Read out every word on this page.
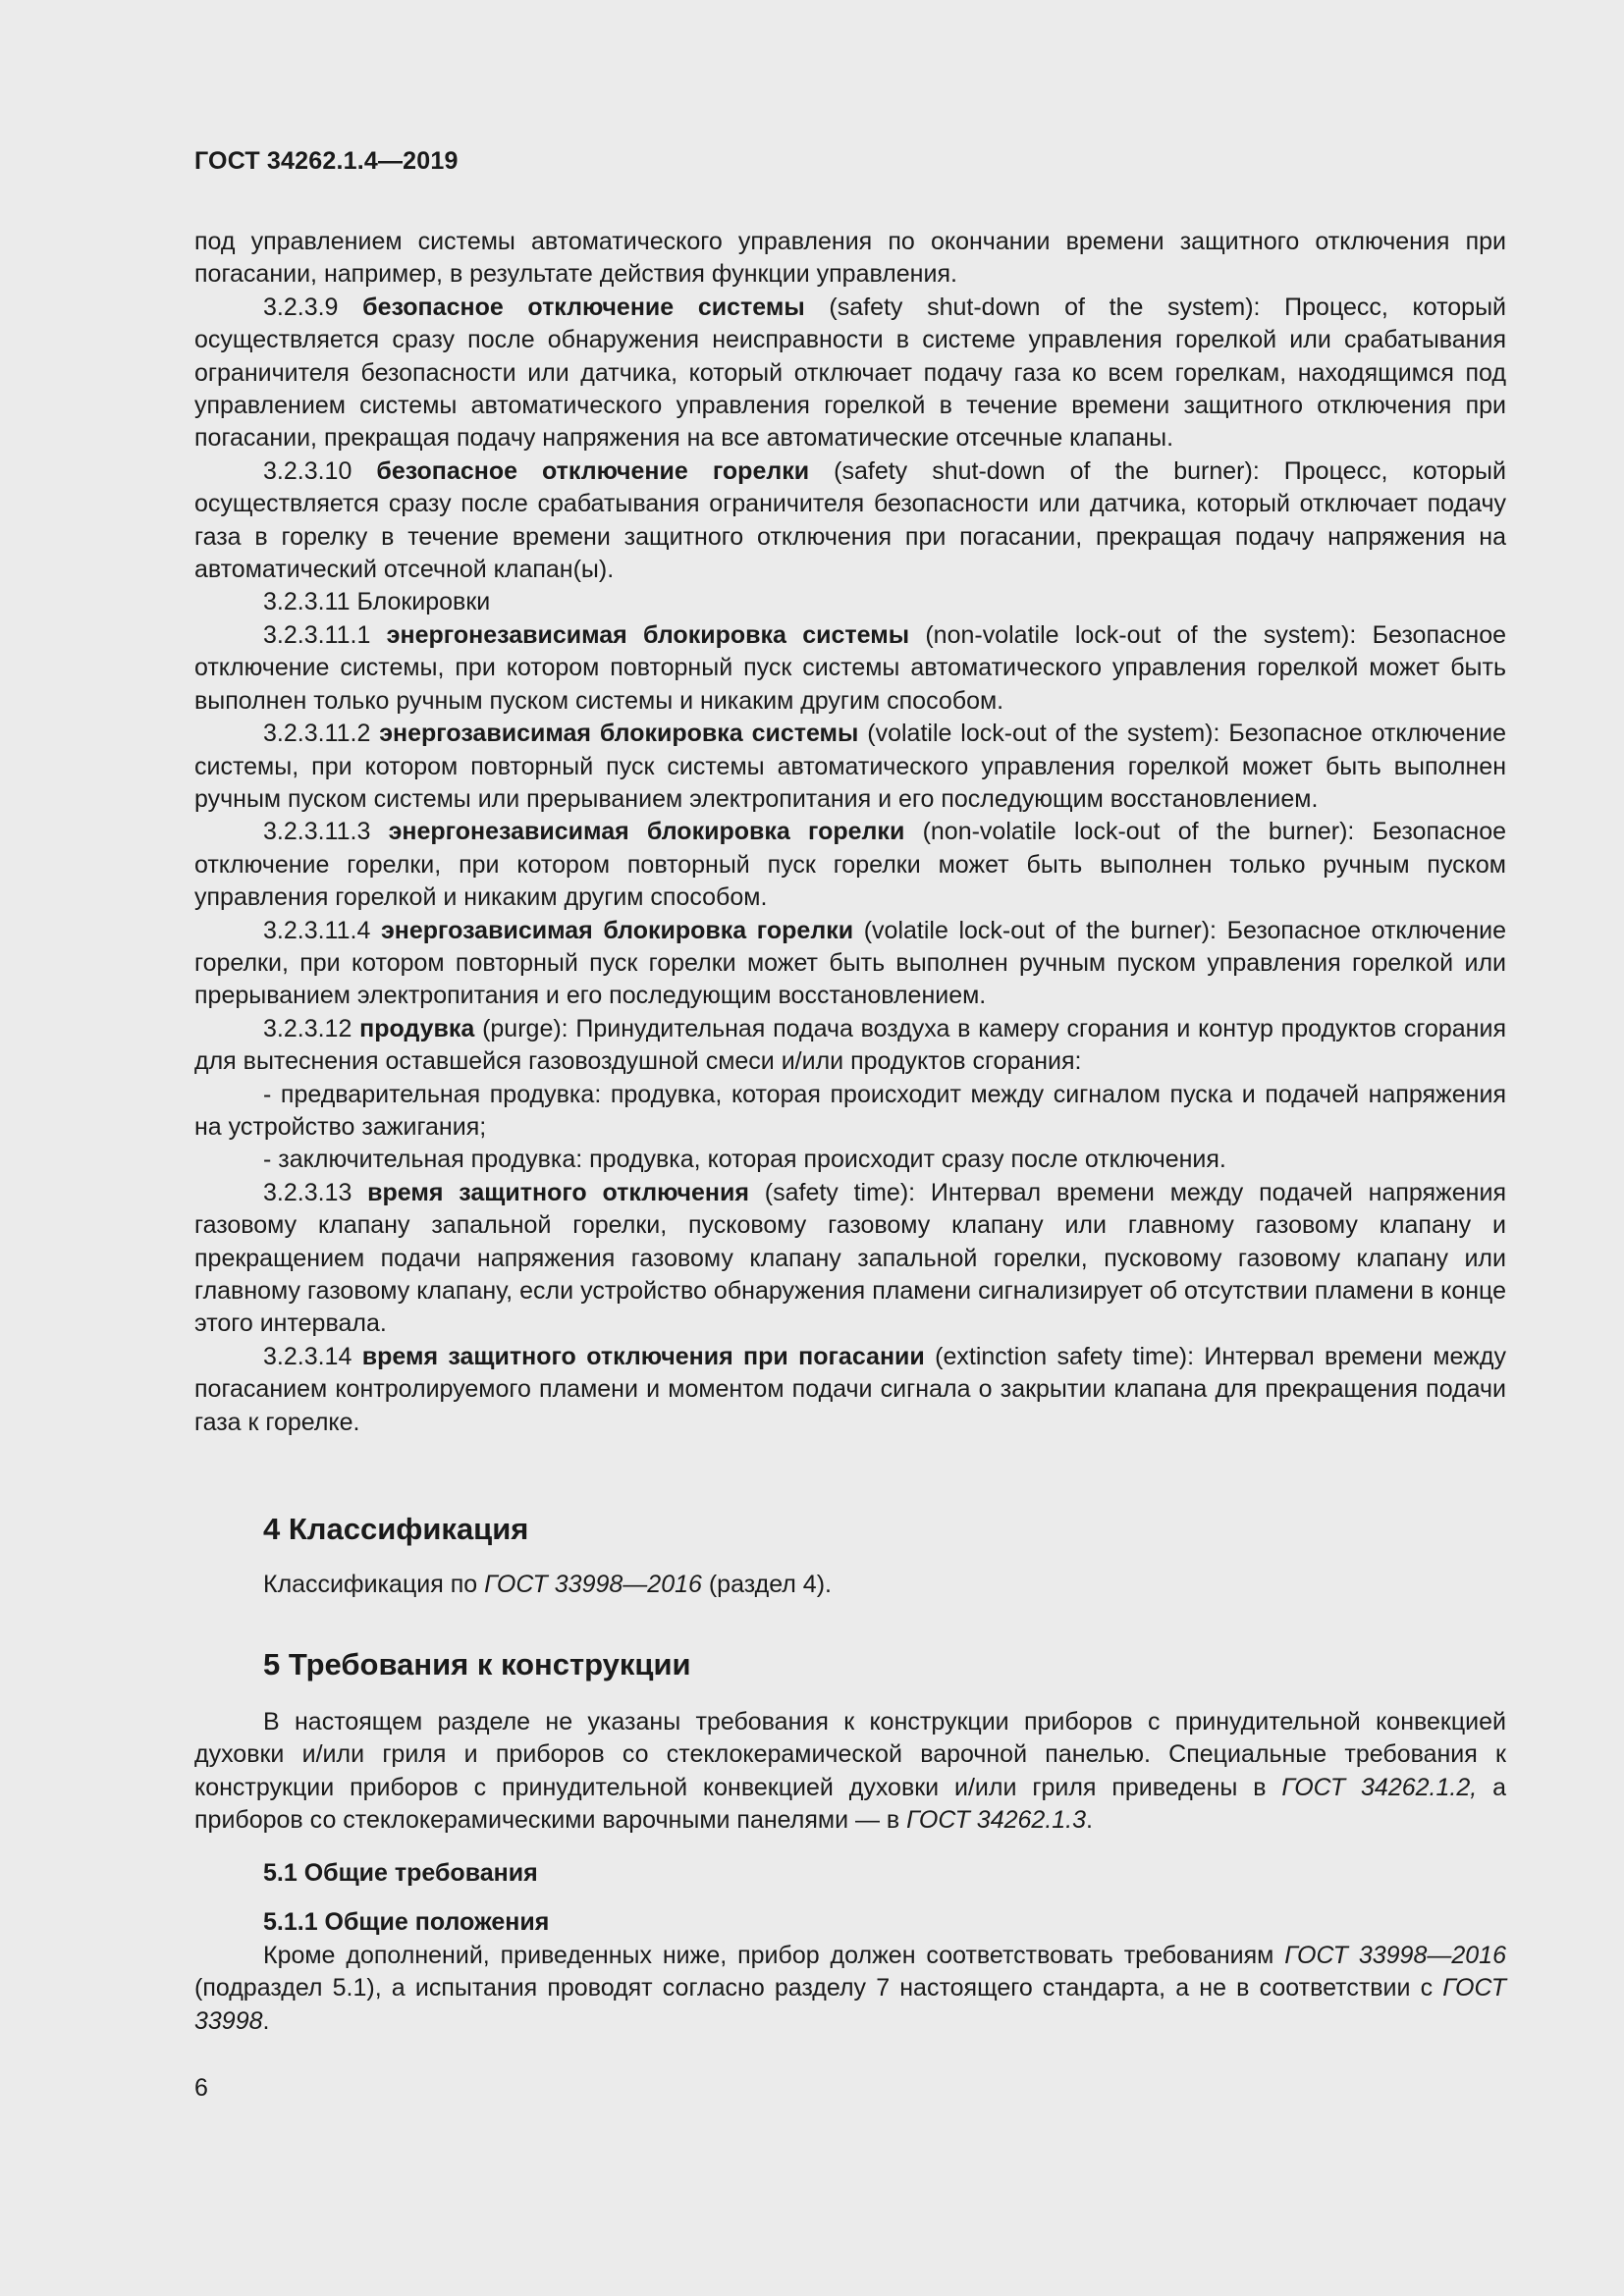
ГОСТ 34262.1.4—2019

под управлением системы автоматического управления по окончании времени защитного отключения при погасании, например, в результате действия функции управления.

3.2.3.9 безопасное отключение системы (safety shut-down of the system): Процесс, который осуществляется сразу после обнаружения неисправности в системе управления горелкой или срабатывания ограничителя безопасности или датчика, который отключает подачу газа ко всем горелкам, находящимся под управлением системы автоматического управления горелкой в течение времени защитного отключения при погасании, прекращая подачу напряжения на все автоматические отсечные клапаны.

3.2.3.10 безопасное отключение горелки (safety shut-down of the burner): Процесс, который осуществляется сразу после срабатывания ограничителя безопасности или датчика, который отключает подачу газа в горелку в течение времени защитного отключения при погасании, прекращая подачу напряжения на автоматический отсечной клапан(ы).

3.2.3.11 Блокировки

3.2.3.11.1 энергонезависимая блокировка системы (non-volatile lock-out of the system): Безопасное отключение системы, при котором повторный пуск системы автоматического управления горелкой может быть выполнен только ручным пуском системы и никаким другим способом.

3.2.3.11.2 энергозависимая блокировка системы (volatile lock-out of the system): Безопасное отключение системы, при котором повторный пуск системы автоматического управления горелкой может быть выполнен ручным пуском системы или прерыванием электропитания и его последующим восстановлением.

3.2.3.11.3 энергонезависимая блокировка горелки (non-volatile lock-out of the burner): Безопасное отключение горелки, при котором повторный пуск горелки может быть выполнен только ручным пуском управления горелкой и никаким другим способом.

3.2.3.11.4 энергозависимая блокировка горелки (volatile lock-out of the burner): Безопасное отключение горелки, при котором повторный пуск горелки может быть выполнен ручным пуском управления горелкой или прерыванием электропитания и его последующим восстановлением.

3.2.3.12 продувка (purge): Принудительная подача воздуха в камеру сгорания и контур продуктов сгорания для вытеснения оставшейся газовоздушной смеси и/или продуктов сгорания:

- предварительная продувка: продувка, которая происходит между сигналом пуска и подачей напряжения на устройство зажигания;

- заключительная продувка: продувка, которая происходит сразу после отключения.

3.2.3.13 время защитного отключения (safety time): Интервал времени между подачей напряжения газовому клапану запальной горелки, пусковому газовому клапану или главному газовому клапану и прекращением подачи напряжения газовому клапану запальной горелки, пусковому газовому клапану или главному газовому клапану, если устройство обнаружения пламени сигнализирует об отсутствии пламени в конце этого интервала.

3.2.3.14 время защитного отключения при погасании (extinction safety time): Интервал времени между погасанием контролируемого пламени и моментом подачи сигнала о закрытии клапана для прекращения подачи газа к горелке.

4 Классификация
Классификация по ГОСТ 33998—2016 (раздел 4).
5 Требования к конструкции

В настоящем разделе не указаны требования к конструкции приборов с принудительной конвекцией духовки и/или гриля и приборов со стеклокерамической варочной панелью. Специальные требования к конструкции приборов с принудительной конвекцией духовки и/или гриля приведены в ГОСТ 34262.1.2, а приборов со стеклокерамическими варочными панелями — в ГОСТ 34262.1.3.

5.1 Общие требования
5.1.1 Общие положения

Кроме дополнений, приведенных ниже, прибор должен соответствовать требованиям ГОСТ 33998—2016 (подраздел 5.1), а испытания проводят согласно разделу 7 настоящего стандарта, а не в соответствии с ГОСТ 33998.

6
